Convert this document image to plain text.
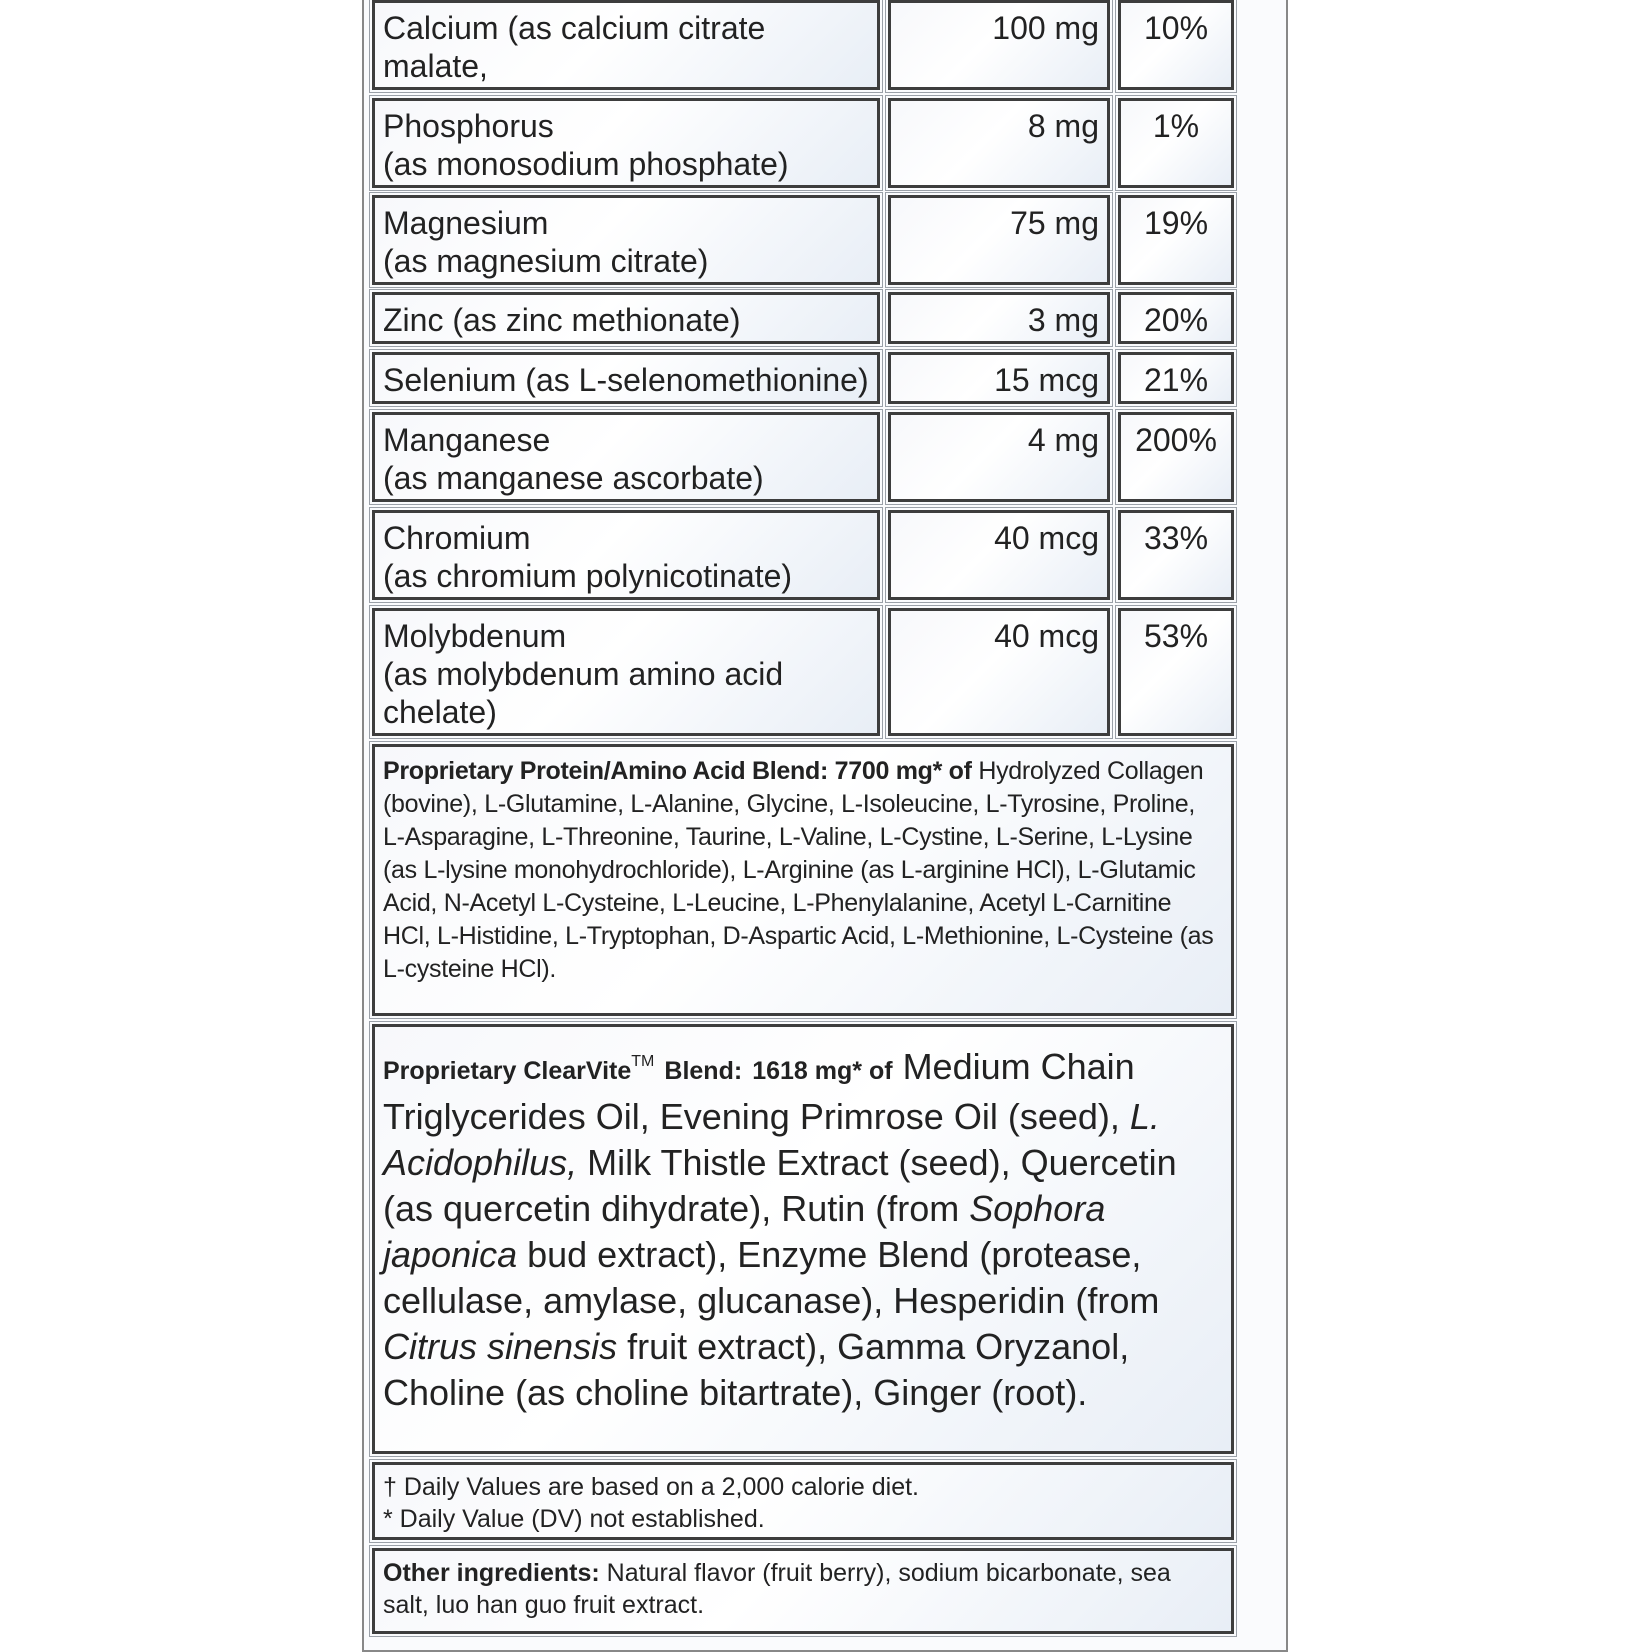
Calcium (as calcium citrate malate,
100 mg	10%
Phosphorus
(as monosodium phosphate)
8 mg	1%
Magnesium
(as magnesium citrate)
75 mg	19%
Zinc (as zinc methionate)	3 mg	20%
Selenium (as L-selenomethionine)	15 mcg	21%
Manganese
(as manganese ascorbate)
4 mg	200%
Chromium
(as chromium polynicotinate)
40 mcg	33%
Molybdenum
(as molybdenum amino acid
chelate)
40 mcg	53%
Proprietary Protein/Amino Acid Blend: 7700 mg* of Hydrolyzed Collagen (bovine), L-Glutamine, L-Alanine, Glycine, L-Isoleucine, L-Tyrosine, Proline, L-Asparagine, L-Threonine, Taurine, L-Valine, L-Cystine, L-Serine, L-Lysine (as L-lysine monohydrochloride), L-Arginine (as L-arginine HCl), L-Glutamic Acid, N-Acetyl L-Cysteine, L-Leucine, L-Phenylalanine, Acetyl L-Carnitine HCl, L-Histidine, L-Tryptophan, D-Aspartic Acid, L-Methionine, L-Cysteine (as L-cysteine HCl).
Proprietary ClearVite™ Blend: 1618 mg* of Medium Chain Triglycerides Oil, Evening Primrose Oil (seed), L. Acidophilus, Milk Thistle Extract (seed), Quercetin (as quercetin dihydrate), Rutin (from Sophora japonica bud extract), Enzyme Blend (protease, cellulase, amylase, glucanase), Hesperidin (from Citrus sinensis fruit extract), Gamma Oryzanol, Choline (as choline bitartrate), Ginger (root).
† Daily Values are based on a 2,000 calorie diet.
* Daily Value (DV) not established.
Other ingredients: Natural flavor (fruit berry), sodium bicarbonate, sea salt, luo han guo fruit extract.
